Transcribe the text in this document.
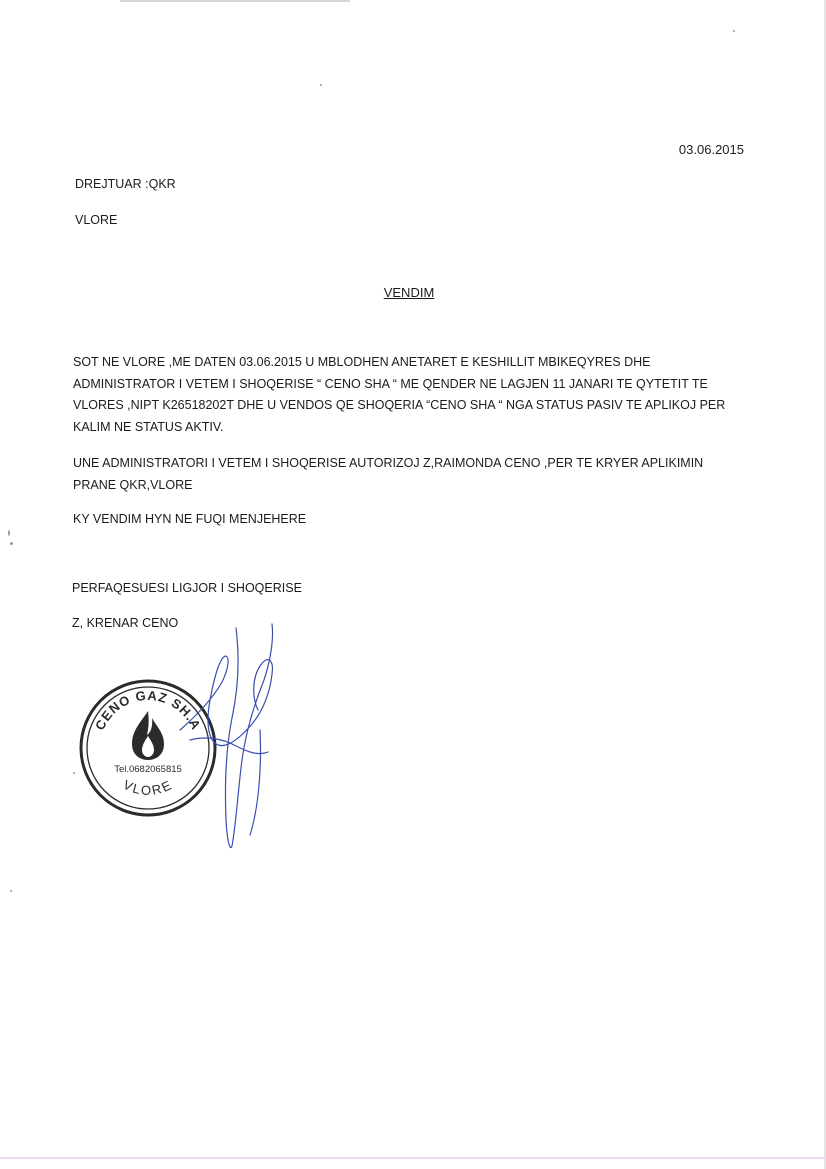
03.06.2015
DREJTUAR :QKR
VLORE
VENDIM

SOT NE VLORE ,ME DATEN 03.06.2015 U MBLODHEN ANETARET E KESHILLIT MBIKEQYRES DHE
ADMINISTRATOR I VETEM I SHOQERISE “ CENO SHA “ ME QENDER NE LAGJEN 11 JANARI TE QYTETIT TE
VLORES ,NIPT K26518202T DHE U VENDOS QE SHOQERIA “CENO SHA “ NGA STATUS PASIV TE APLIKOJ PER
KALIM NE STATUS AKTIV.

UNE ADMINISTRATORI I VETEM I SHOQERISE AUTORIZOJ Z,RAIMONDA CENO ,PER TE KRYER APLIKIMIN
PRANE QKR,VLORE

KY VENDIM HYN NE FUQI MENJEHERE

PERFAQESUESI LIGJOR I SHOQERISE
Z, KRENAR CENO
CENO GAZ SH.A
Tel.0682065815
VLORE
